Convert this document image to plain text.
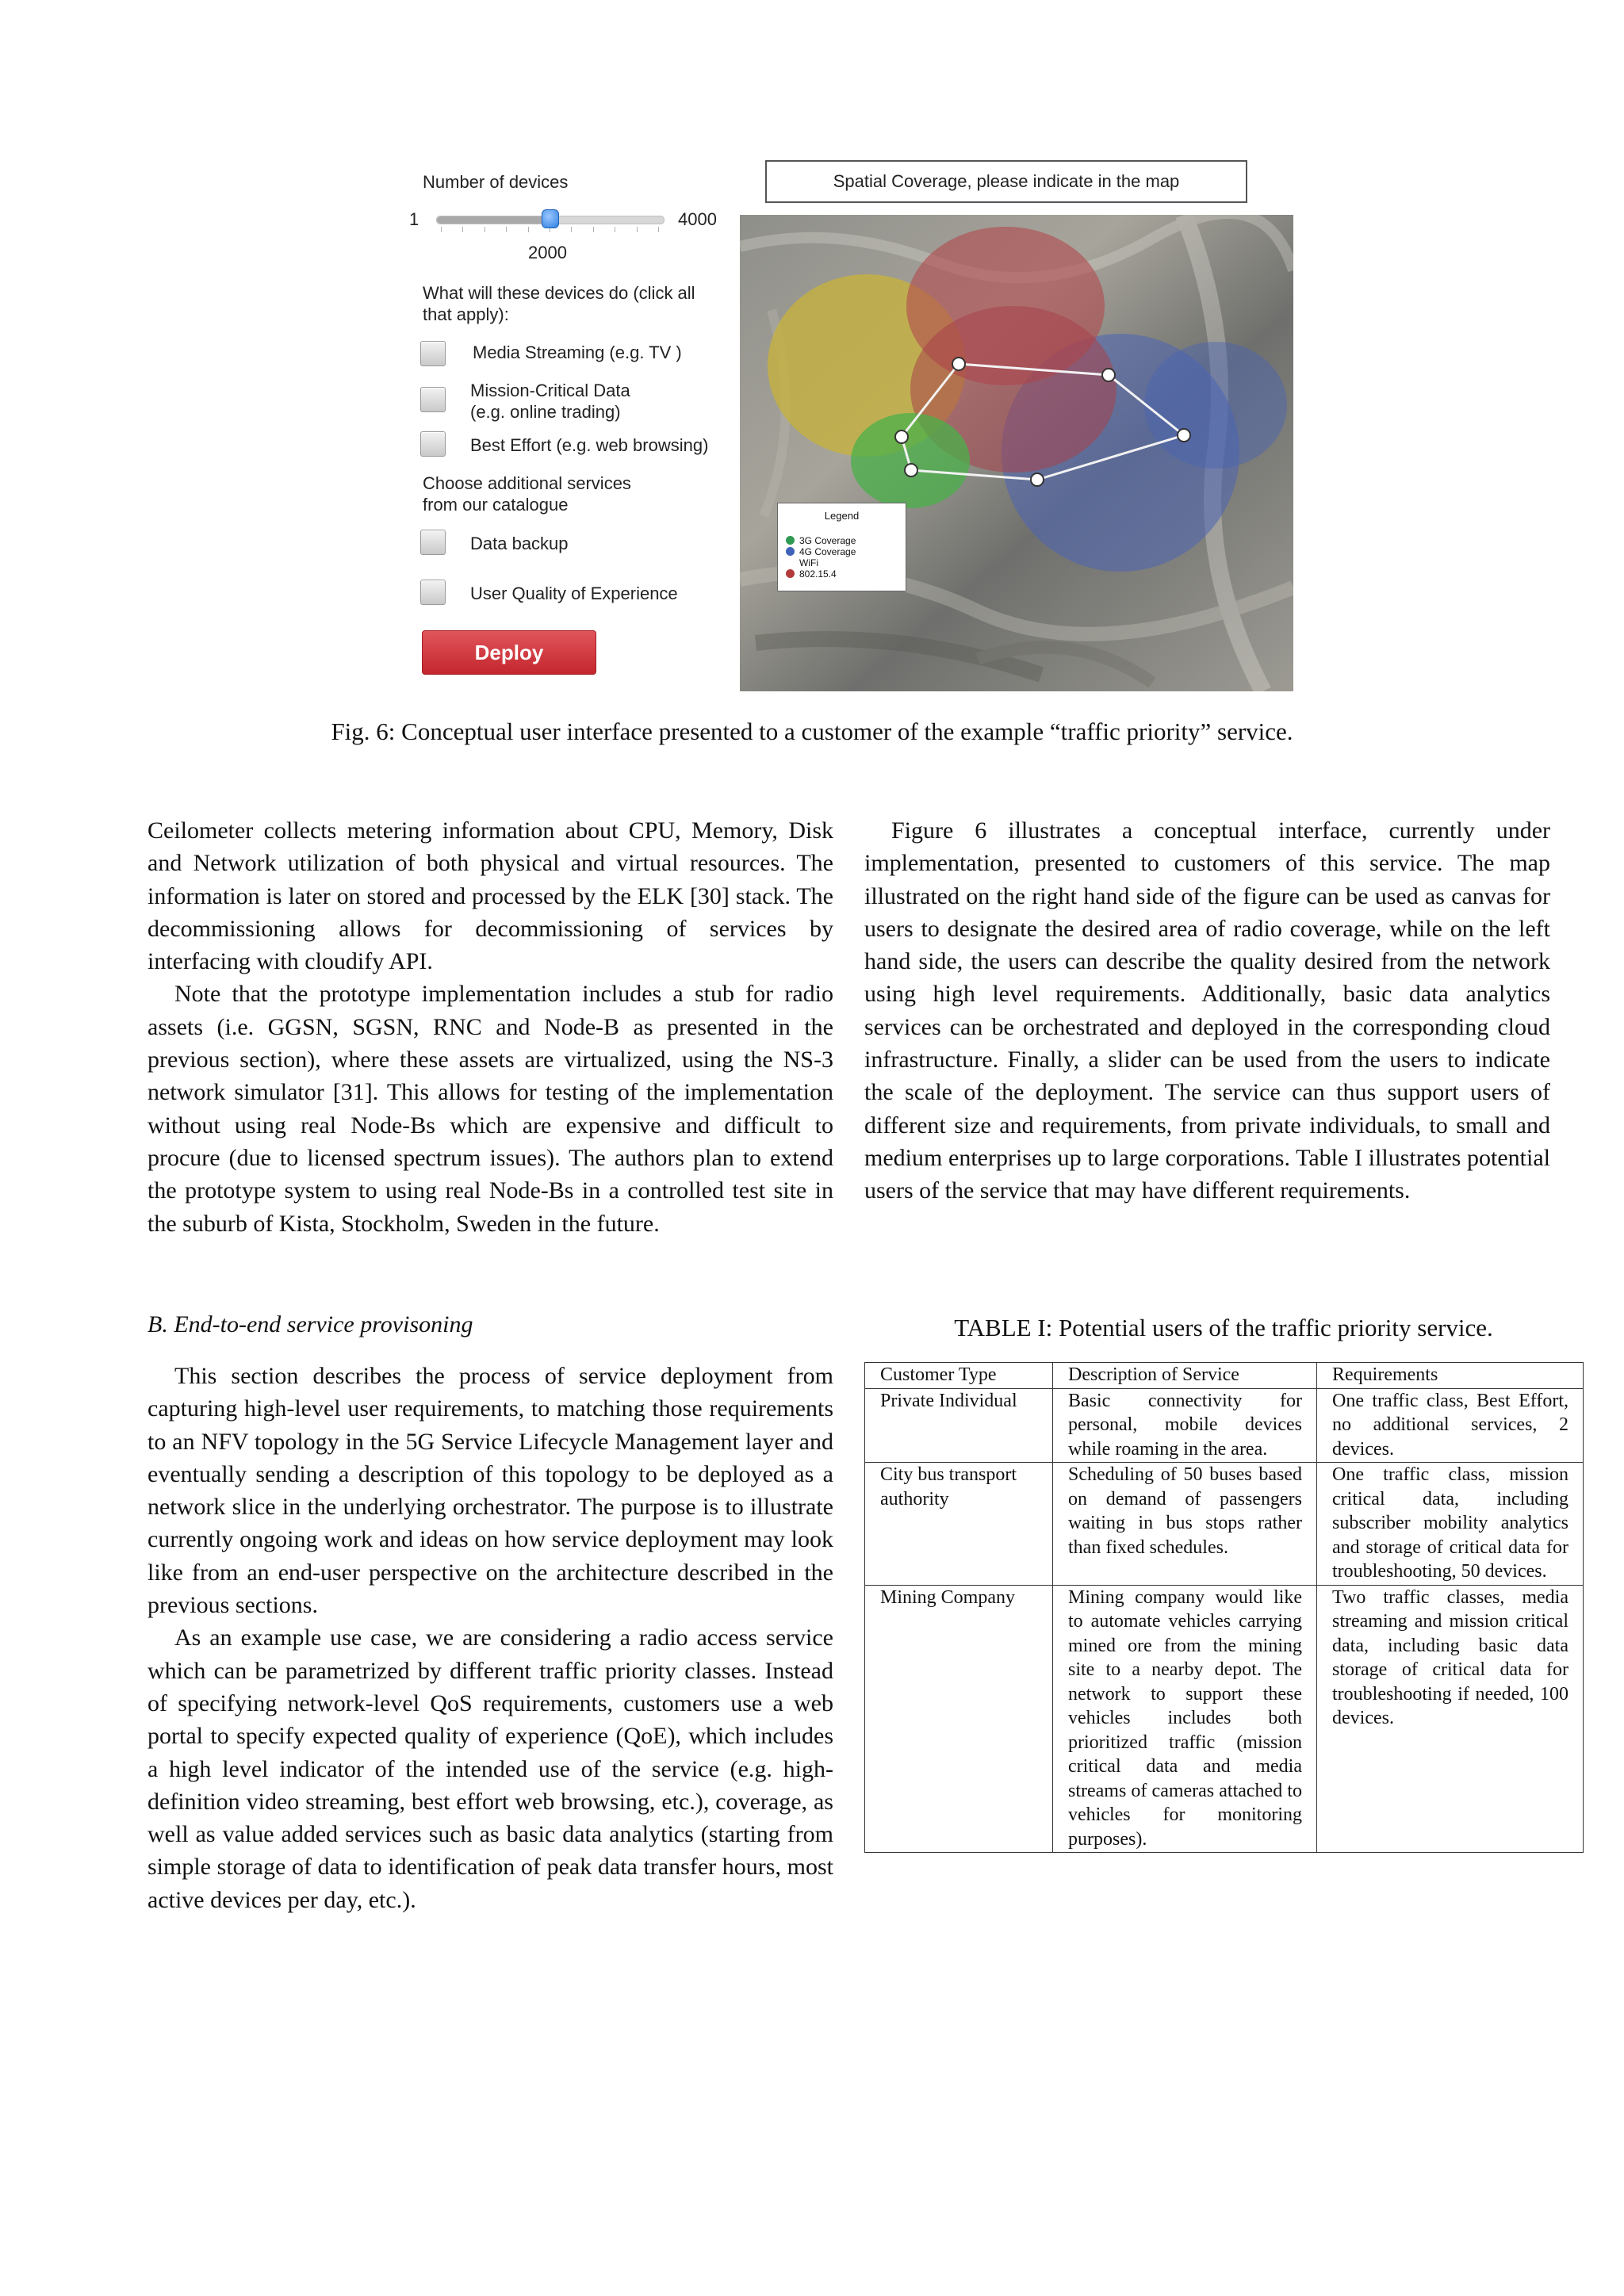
Number of devices
1	4000
2000
What will these devices do (click all
that apply):
Media Streaming (e.g. TV )
Mission-Critical Data
(e.g. online trading)
Best Effort (e.g. web browsing)
Choose additional services
from our catalogue
Data backup
User Quality of Experience
Deploy
Spatial Coverage, please indicate in the map
Legend
3G Coverage
4G Coverage
WiFi
802.15.4
Fig. 6: Conceptual user interface presented to a customer of the example “traffic priority” service.

Ceilometer collects metering information about CPU, Memory, Disk and Network utilization of both physical and virtual resources. The information is later on stored and processed by the ELK [30] stack. The decommissioning allows for decommissioning of services by interfacing with cloudify API.

Note that the prototype implementation includes a stub for radio assets (i.e. GGSN, SGSN, RNC and Node-B as presented in the previous section), where these assets are virtualized, using the NS-3 network simulator [31]. This allows for testing of the implementation without using real Node-Bs which are expensive and difficult to procure (due to licensed spectrum issues). The authors plan to extend the prototype system to using real Node-Bs in a controlled test site in the suburb of Kista, Stockholm, Sweden in the future.

B. End-to-end service provisoning

This section describes the process of service deployment from capturing high-level user requirements, to matching those requirements to an NFV topology in the 5G Service Lifecycle Management layer and eventually sending a description of this topology to be deployed as a network slice in the underlying orchestrator. The purpose is to illustrate currently ongoing work and ideas on how service deployment may look like from an end-user perspective on the architecture described in the previous sections.

As an example use case, we are considering a radio access service which can be parametrized by different traffic priority classes. Instead of specifying network-level QoS requirements, customers use a web portal to specify expected quality of experience (QoE), which includes a high level indicator of the intended use of the service (e.g. high-definition video streaming, best effort web browsing, etc.), coverage, as well as value added services such as basic data analytics (starting from simple storage of data to identification of peak data transfer hours, most active devices per day, etc.).

Figure 6 illustrates a conceptual interface, currently under implementation, presented to customers of this service. The map illustrated on the right hand side of the figure can be used as canvas for users to designate the desired area of radio coverage, while on the left hand side, the users can describe the quality desired from the network using high level requirements. Additionally, basic data analytics services can be orchestrated and deployed in the corresponding cloud infrastructure. Finally, a slider can be used from the users to indicate the scale of the deployment. The service can thus support users of different size and requirements, from private individuals, to small and medium enterprises up to large corporations. Table I illustrates potential users of the service that may have different requirements.

TABLE I: Potential users of the traffic priority service.
Customer Type	Description of Service	Requirements
Private Individual	Basic connectivity for personal, mobile devices while roaming in the area.	One traffic class, Best Effort, no additional services, 2 devices.
City bus transport authority	Scheduling of 50 buses based on demand of passengers waiting in bus stops rather than fixed schedules.	One traffic class, mission critical data, including subscriber mobility analytics and storage of critical data for troubleshooting, 50 devices.
Mining Company	Mining company would like to automate vehicles carrying mined ore from the mining site to a nearby depot. The network to support these vehicles includes both prioritized traffic (mission critical data and media streams of cameras attached to vehicles for monitoring purposes).	Two traffic classes, media streaming and mission critical data, including basic data storage of critical data for troubleshooting if needed, 100 devices.
